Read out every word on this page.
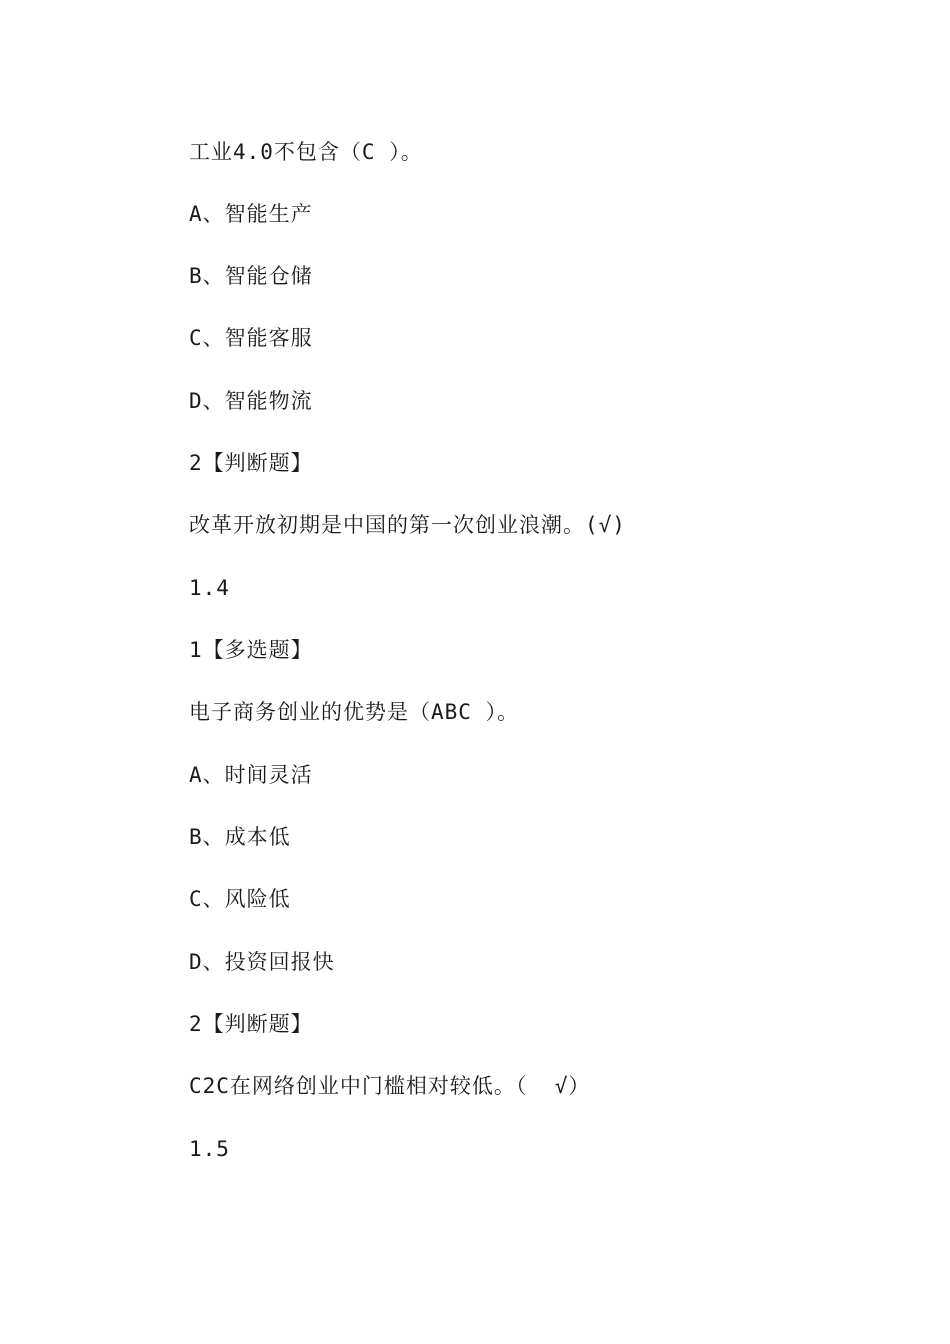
工业4.0不包含（C ）。
A、智能生产
B、智能仓储
C、智能客服
D、智能物流
2【判断题】
改革开放初期是中国的第一次创业浪潮。(√)
1.4
1【多选题】
电子商务创业的优势是（ABC ）。
A、时间灵活
B、成本低
C、风险低
D、投资回报快
2【判断题】
C2C在网络创业中门槛相对较低。（  √）
1.5
